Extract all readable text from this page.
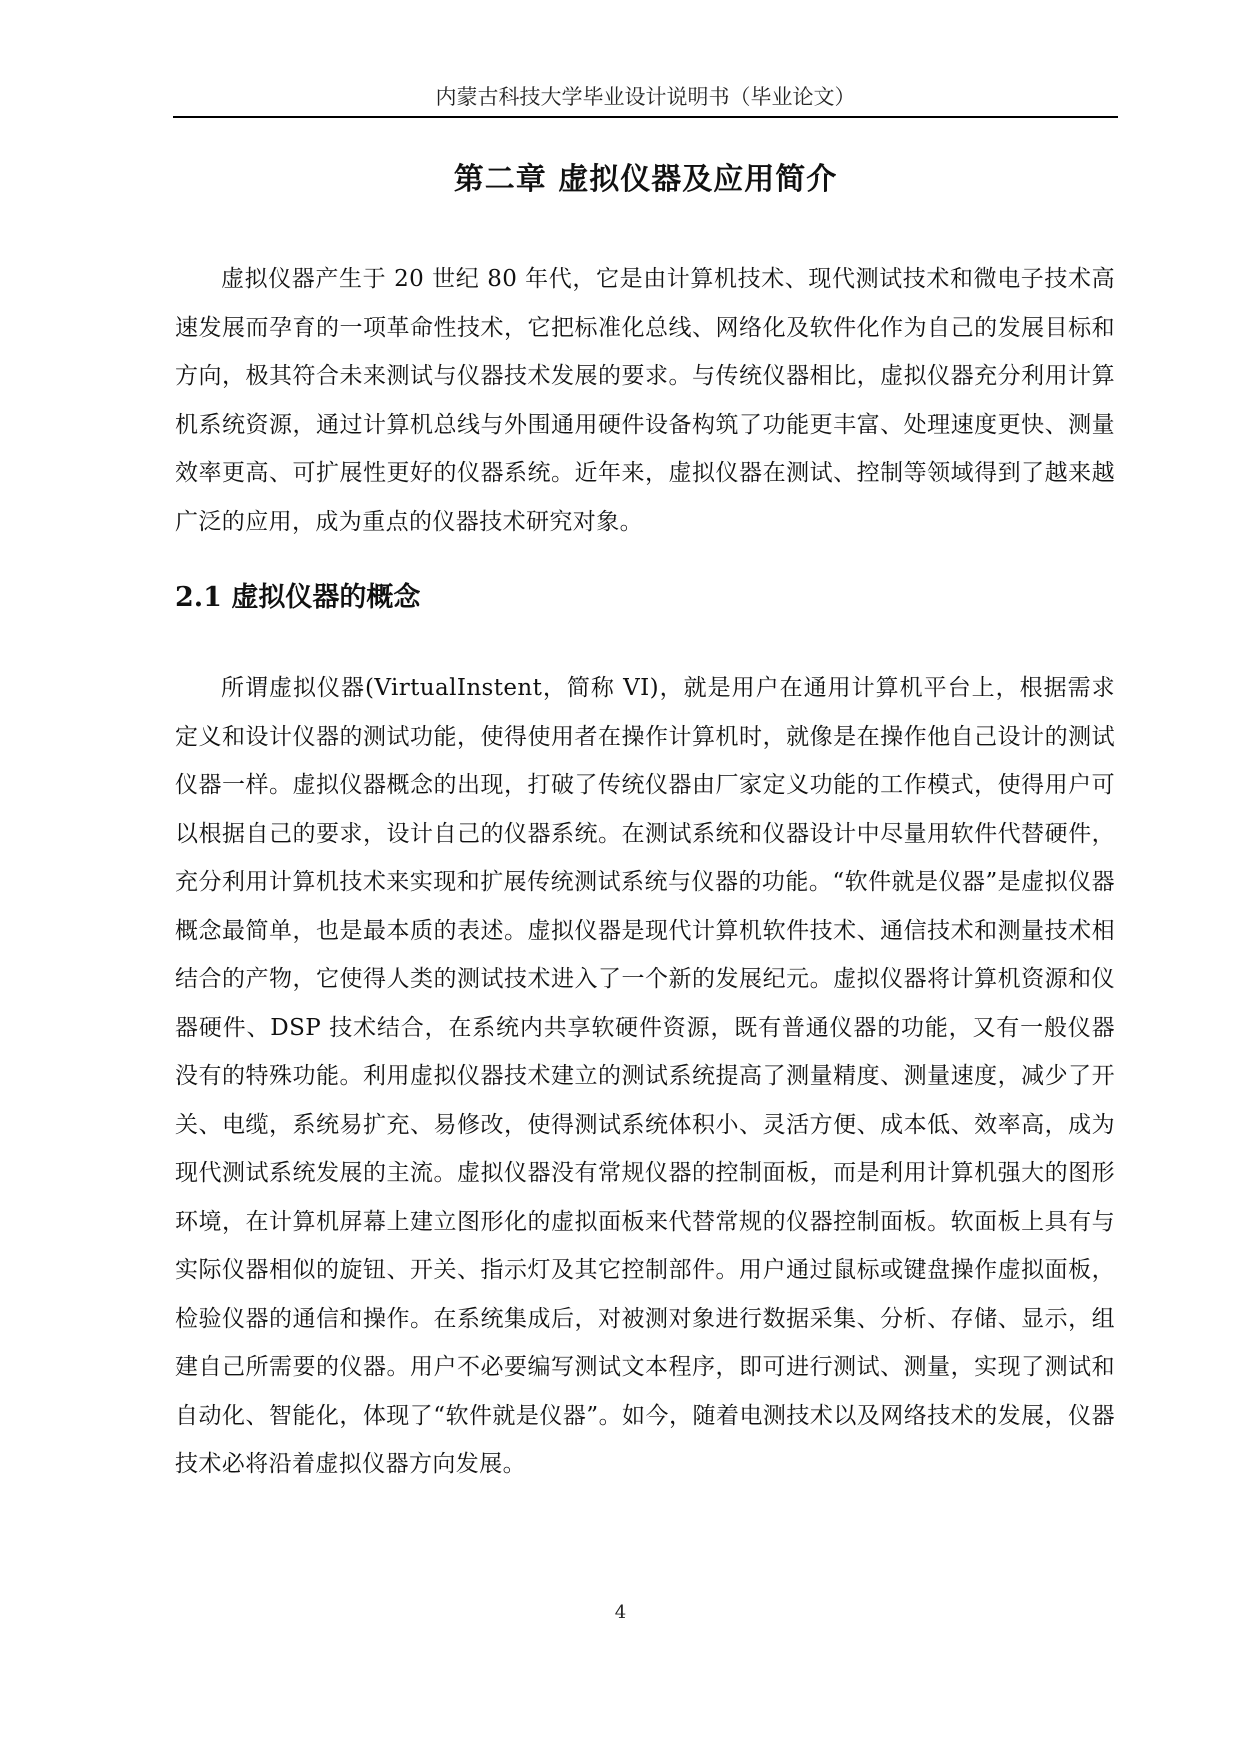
内蒙古科技大学毕业设计说明书（毕业论文）
第二章 虚拟仪器及应用简介

虚拟仪器产生于 20 世纪 80 年代，它是由计算机技术、现代测试技术和微电子技术高速发展而孕育的一项革命性技术，它把标准化总线、网络化及软件化作为自己的发展目标和方向，极其符合未来测试与仪器技术发展的要求。与传统仪器相比，虚拟仪器充分利用计算机系统资源，通过计算机总线与外围通用硬件设备构筑了功能更丰富、处理速度更快、测量效率更高、可扩展性更好的仪器系统。近年来，虚拟仪器在测试、控制等领域得到了越来越广泛的应用，成为重点的仪器技术研究对象。

2.1 虚拟仪器的概念

所谓虚拟仪器(VirtualInstent，简称 VI)，就是用户在通用计算机平台上，根据需求定义和设计仪器的测试功能，使得使用者在操作计算机时，就像是在操作他自己设计的测试仪器一样。虚拟仪器概念的出现，打破了传统仪器由厂家定义功能的工作模式，使得用户可以根据自己的要求，设计自己的仪器系统。在测试系统和仪器设计中尽量用软件代替硬件，充分利用计算机技术来实现和扩展传统测试系统与仪器的功能。“软件就是仪器”是虚拟仪器概念最简单，也是最本质的表述。虚拟仪器是现代计算机软件技术、通信技术和测量技术相结合的产物，它使得人类的测试技术进入了一个新的发展纪元。虚拟仪器将计算机资源和仪器硬件、DSP 技术结合，在系统内共享软硬件资源，既有普通仪器的功能，又有一般仪器没有的特殊功能。利用虚拟仪器技术建立的测试系统提高了测量精度、测量速度，减少了开关、电缆，系统易扩充、易修改，使得测试系统体积小、灵活方便、成本低、效率高，成为现代测试系统发展的主流。虚拟仪器没有常规仪器的控制面板，而是利用计算机强大的图形环境，在计算机屏幕上建立图形化的虚拟面板来代替常规的仪器控制面板。软面板上具有与实际仪器相似的旋钮、开关、指示灯及其它控制部件。用户通过鼠标或键盘操作虚拟面板，检验仪器的通信和操作。在系统集成后，对被测对象进行数据采集、分析、存储、显示，组建自己所需要的仪器。用户不必要编写测试文本程序，即可进行测试、测量，实现了测试和自动化、智能化，体现了“软件就是仪器”。如今，随着电测技术以及网络技术的发展，仪器技术必将沿着虚拟仪器方向发展。

4
